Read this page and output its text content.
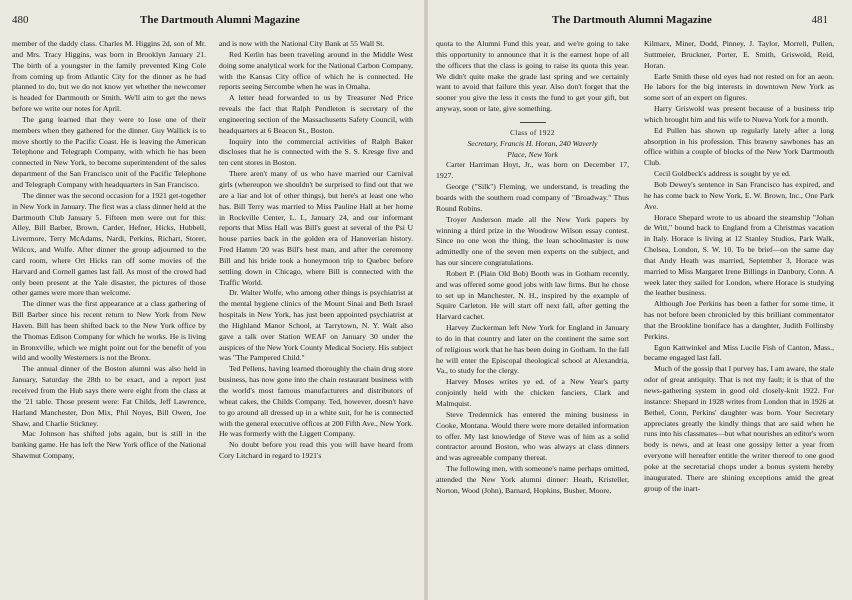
480	The Dartmouth Alumni Magazine

member of the daddy class. Charles M. Higgins 2d, son of Mr. and Mrs. Tracy Higgins, was born in Brooklyn January 21. The birth of a youngster in the family prevented King Cole from coming up from Atlantic City for the dinner as he had planned to do, but we do not know yet whether the newcomer is headed for Dartmouth or Smith. We'll aim to get the news before we write our notes for April.

The gang learned that they were to lose one of their members when they gathered for the dinner. Guy Wallick is to move shortly to the Pacific Coast. He is leaving the American Telephone and Telegraph Company, with which he has been connected in New York, to become superintendent of the sales department of the San Francisco unit of the Pacific Telephone and Telegraph Company with headquarters in San Francisco.

The dinner was the second occasion for a 1921 get-together in New York in January. The first was a class dinner held at the Dartmouth Club January 5. Fifteen men were out for this: Alley, Bill Barber, Brown, Carder, Hefner, Hicks, Hubbell, Livermore, Terry McAdams, Nardi, Perkins, Richart, Storer, Wilcox, and Wolfe. After dinner the group adjourned to the card room, where Ort Hicks ran off some movies of the Harvard and Cornell games last fall. As most of the crowd had only been present at the Yale disaster, the pictures of those other games were more than welcome.

The dinner was the first appearance at a class gathering of Bill Barber since his recent return to New York from New Haven. Bill has been shifted back to the New York office by the Thomas Edison Company for which he works. He is living in Bronxville, which we might point out for the benefit of you wild and woolly Westerners is not the Bronx.

The annual dinner of the Boston alumni was also held in January, Saturday the 28th to be exact, and a report just received from the Hub says there were eight from the class at the '21 table. Those present were: Fat Childs, Jeff Lawrence, Harland Manchester, Don Mix, Phil Noyes, Bill Owen, Joe Shaw, and Charlie Stickney.

Mac Johnson has shifted jobs again, but is still in the banking game. He has left the New York office of the National Shawmut Company,

and is now with the National City Bank at 55 Wall St.

Red Kerlin has been traveling around in the Middle West doing some analytical work for the National Carbon Company, with the Kansas City office of which he is connected. He reports seeing Sercombe when he was in Omaha.

A letter head forwarded to us by Treasurer Ned Price reveals the fact that Ralph Pendleton is secretary of the engineering section of the Massachusetts Safety Council, with headquarters at 6 Beacon St., Boston.

Inquiry into the commercial activities of Ralph Baker discloses that he is connected with the S. S. Kresge five and ten cent stores in Boston.

There aren't many of us who have married our Carnival girls (whereupon we shouldn't be surprised to find out that we are a liar and lot of other things), but here's at least one who has. Bill Terry was married to Miss Pauline Hall at her home in Rockville Center, L. I., January 24, and our informant reports that Miss Hall was Bill's guest at several of the Psi U house parties back in the golden era of Hanoverian history. Fred Hamm '20 was Bill's best man, and after the ceremony Bill and his bride took a honeymoon trip to Quebec before settling down in Chicago, where Bill is connected with the Traffic World.

Dr. Walter Wolfe, who among other things is psychiatrist at the mental hygiene clinics of the Mount Sinai and Beth Israel hospitals in New York, has just been appointed psychiatrist at the Highland Manor School, at Tarrytown, N. Y. Walt also gave a talk over Station WEAF on January 30 under the auspices of the New York County Medical Society. His subject was "The Pampered Child."

Ted Pellens, having learned thoroughly the chain drug store business, has now gone into the chain restaurant business with the world's most famous manufacturers and distributors of wheat cakes, the Childs Company. Ted, however, doesn't have to go around all dressed up in a white suit, for he is connected with the general executive offices at 200 Fifth Ave., New York. He was formerly with the Liggett Company.

No doubt before you read this you will have heard from Cory Litchard in regard to 1921's

The Dartmouth Alumni Magazine	481

quota to the Alumni Fund this year, and we're going to take this opportunity to announce that it is the earnest hope of all the officers that the class is going to raise its quota this year. We didn't quite make the grade last spring and we certainly want to avoid that failure this year. Also don't forget that the sooner you give the less it costs the fund to get your gift, but anyway, soon or late, give something.

Class of 1922

Secretary, Francis H. Horan, 240 Waverly

Place, New York

Carter Harriman Hoyt, Jr., was born on December 17, 1927.

George ("Silk") Fleming, we understand, is treading the boards with the southern road company of "Broadway." Thus Round Robins.

Troyer Anderson made all the New York papers by winning a third prize in the Woodrow Wilson essay contest. Since no one won the thing, the lean schoolmaster is now admittedly one of the seven men experts on the subject, and has our sincere congratulations.

Robert P. (Plain Old Bob) Booth was in Gotham recently, and was offered some good jobs with law firms. But he chose to set up in Manchester, N. H., inspired by the example of Squire Carleton. He will start off next fall, after getting the Harvard cachet.

Harvey Zuckerman left New York for England in January to do in that country and later on the continent the same sort of religious work that he has been doing in Gotham. In the fall he will enter the Episcopal theological school at Alexandria, Va., to study for the clergy.

Harvey Moses writes ye ed. of a New Year's party conjointly held with the chicken fanciers, Clark and Malmquist.

Steve Tredennick has entered the mining business in Cooke, Montana. Would there were more detailed information to offer. My last knowledge of Steve was of him as a solid contractor around Boston, who was always at class dinners and was agreeable company thereat.

The following men, with someone's name perhaps omitted, attended the New York alumni dinner: Heath, Kristeller, Norton, Wood (John), Barnard, Hopkins, Busher, Moore,

Kilmarx, Miner, Dodd, Pinney, J. Taylor, Morrell, Pullen, Suttmeier, Bruckner, Porter, E. Smith, Griswold, Reid, Horan.

Earle Smith these old eyes had not rested on for an aeon. He labors for the big interests in downtown New York as some sort of an expert on figures.

Harry Griswold was present because of a business trip which brought him and his wife to Nueva York for a month.

Ed Pullen has shown up regularly lately after a long absorption in his profession. This brawny sawbones has an office within a couple of blocks of the New York Dartmouth Club.

Cecil Goldbeck's address is sought by ye ed.

Bob Dewey's sentence in San Francisco has expired, and he has come back to New York, E. W. Brown, Inc., One Park Ave.

Horace Shepard wrote to us aboard the steamship "Johan de Witt," bound back to England from a Christmas vacation in Italy. Horace is living at 12 Stanley Studios, Park Walk, Chelsea, London, S. W. 10. To be brief—on the same day that Andy Heath was married, September 3, Horace was married to Miss Margaret Irene Billings in Danbury, Conn. A week later they sailed for London, where Horace is studying the leather business.

Although Joe Perkins has been a father for some time, it has not before been chronicled by this brilliant commentator that the Brookline boniface has a daughter, Judith Follinsby Perkins.

Egon Kattwinkel and Miss Lucile Fish of Canton, Mass., became engaged last fall.

Much of the gossip that I purvey has, I am aware, the stale odor of great antiquity. That is not my fault; it is that of the news-gathering system in good old closely-knit 1922. For instance: Shepard in 1928 writes from London that in 1926 at Bethel, Conn, Perkins' daughter was born. Your Secretary appreciates greatly the kindly things that are said when he runs into his classmates—but what nourishes an editor's worn body is news, and at least one gossipy letter a year from everyone will hereafter entitle the writer thereof to one good poke at the secretarial chops under a bonus system hereby inaugurated. There are shining exceptions amid the great group of the inart-
